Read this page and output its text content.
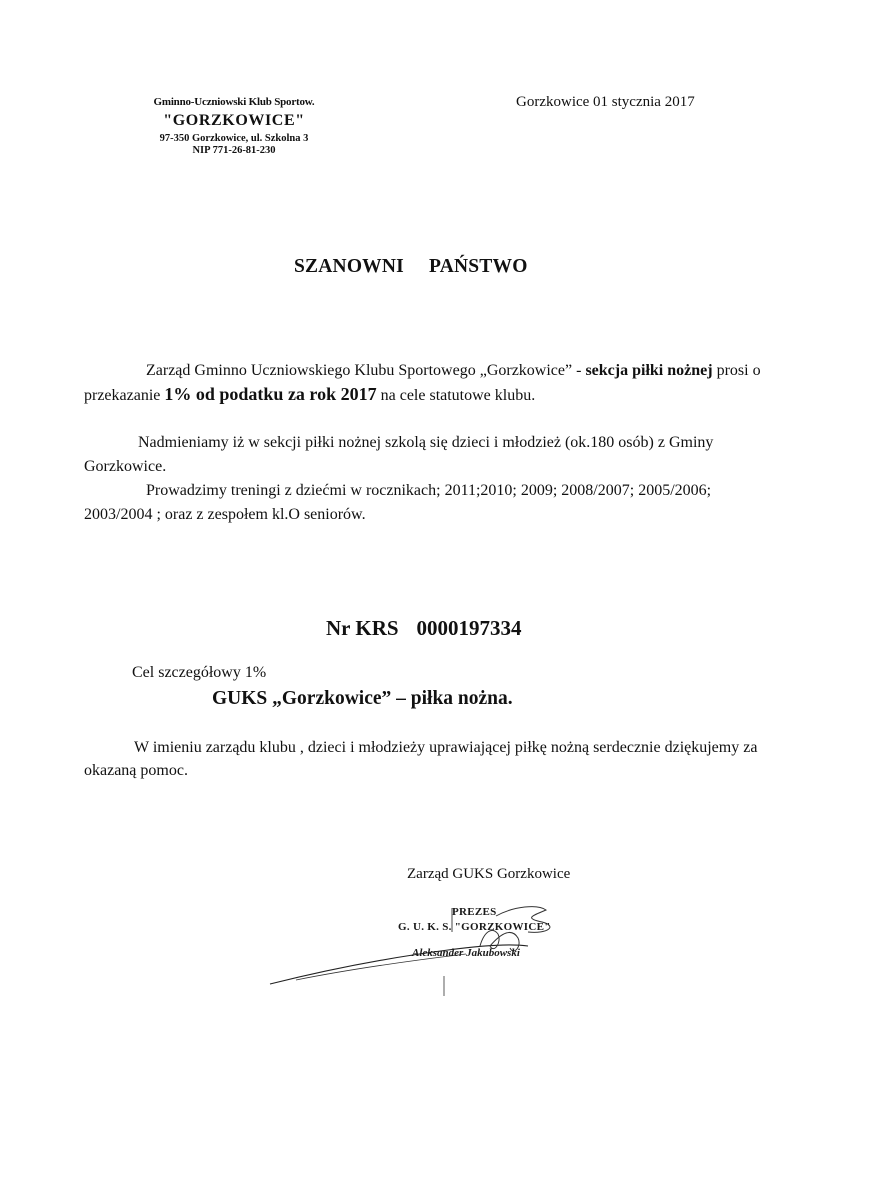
Gminno-Uczniowski Klub Sportow.
"GORZKOWICE"
97-350 Gorzkowice, ul. Szkolna 3
NIP 771-26-81-230
Gorzkowice 01 stycznia 2017
SZANOWNI PAŃSTWO
Zarząd Gminno Uczniowskiego Klubu Sportowego „Gorzkowice” - sekcja piłki nożnej prosi o przekazanie 1% od podatku za rok 2017 na cele statutowe klubu.
Nadmieniamy iż w sekcji piłki nożnej szkolą się dzieci i młodzież (ok.180 osób) z Gminy Gorzkowice.
Prowadzimy treningi z dziećmi w rocznikach; 2011;2010; 2009; 2008/2007; 2005/2006; 2003/2004 ; oraz z zespołem kl.O seniorów.
Nr KRS 0000197334
Cel szczegółowy 1%
GUKS „Gorzkowice” – piłka nożna.
W imieniu zarządu klubu , dzieci i młodzieży uprawiającej piłkę nożną serdecznie dziękujemy za okazaną pomoc.
Zarząd GUKS Gorzkowice
PREZES
G. U. K. S. "GORZKOWICE"
Aleksander Jakubowski
